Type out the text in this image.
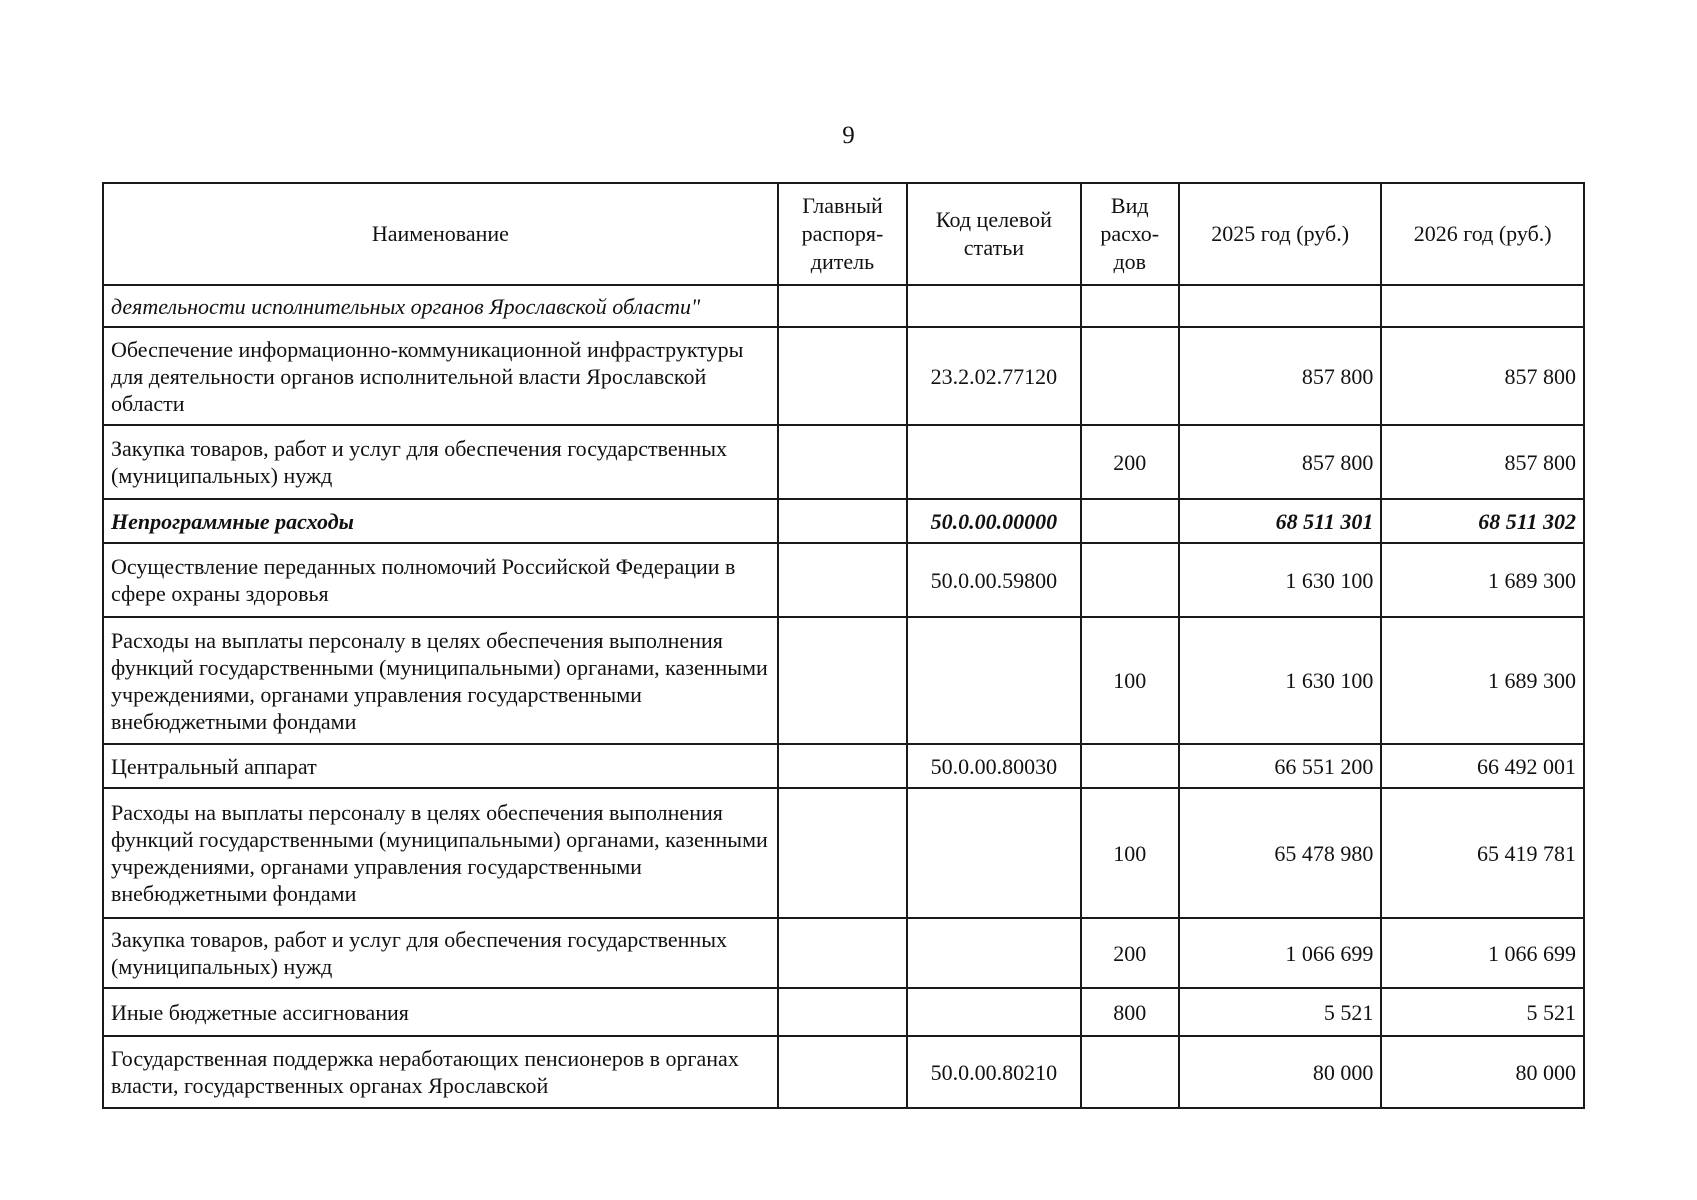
9
Наименование	Главный распоря-дитель	Код целевой статьи	Вид расхо-дов	2025 год (руб.)	2026 год (руб.)
деятельности исполнительных органов Ярославской области"					
Обеспечение информационно-коммуникационной инфраструктуры для деятельности органов исполнительной власти Ярославской области		23.2.02.77120		857 800	857 800
Закупка товаров, работ и услуг для обеспечения государственных (муниципальных) нужд			200	857 800	857 800
Непрограммные расходы		50.0.00.00000		68 511 301	68 511 302
Осуществление переданных полномочий Российской Федерации в сфере охраны здоровья		50.0.00.59800		1 630 100	1 689 300
Расходы на выплаты персоналу в целях обеспечения выполнения функций государственными (муниципальными) органами, казенными учреждениями, органами управления государственными внебюджетными фондами			100	1 630 100	1 689 300
Центральный аппарат		50.0.00.80030		66 551 200	66 492 001
Расходы на выплаты персоналу в целях обеспечения выполнения функций государственными (муниципальными) органами, казенными учреждениями, органами управления государственными внебюджетными фондами			100	65 478 980	65 419 781
Закупка товаров, работ и услуг для обеспечения государственных (муниципальных) нужд			200	1 066 699	1 066 699
Иные бюджетные ассигнования			800	5 521	5 521
Государственная поддержка неработающих пенсионеров в органах власти, государственных органах Ярославской		50.0.00.80210		80 000	80 000
